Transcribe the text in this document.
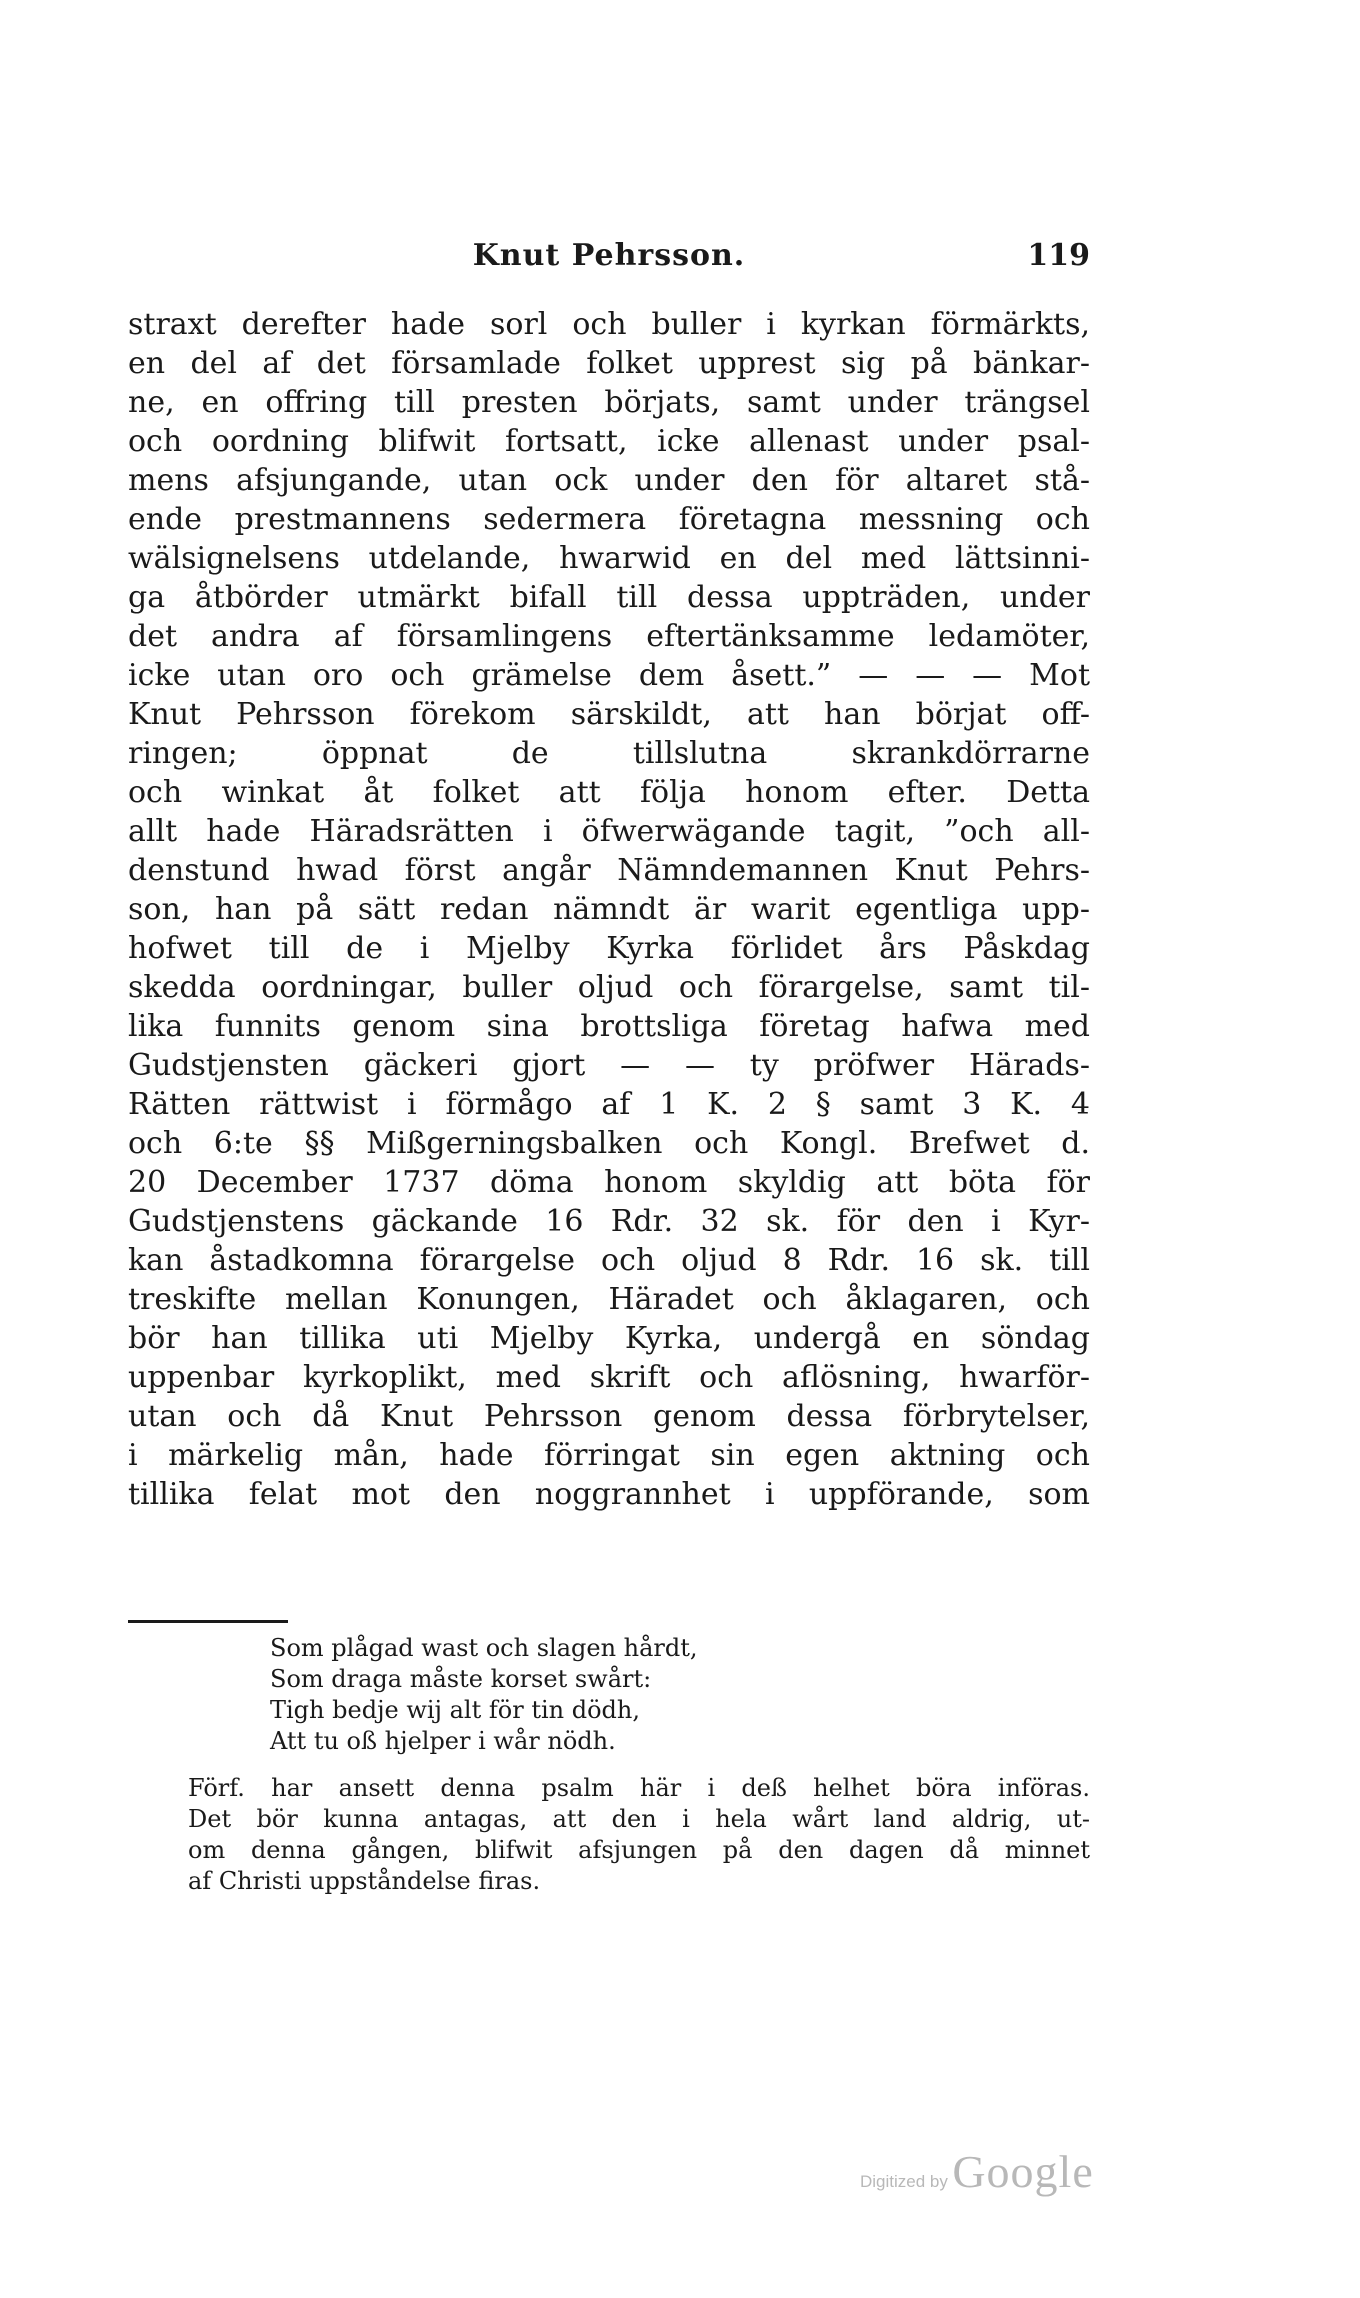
Knut Pehrsson.	119
straxt derefter hade sorl och buller i kyrkan förmärkts,
en del af det församlade folket upprest sig på bänkar-
ne, en offring till presten börjats, samt under trängsel
och oordning blifwit fortsatt, icke allenast under psal-
mens afsjungande, utan ock under den för altaret stå-
ende prestmannens sedermera företagna messning och
wälsignelsens utdelande, hwarwid en del med lättsinni-
ga åtbörder utmärkt bifall till dessa uppträden, under
det andra af församlingens eftertänksamme ledamöter,
icke utan oro och grämelse dem åsett.” — — — Mot
Knut Pehrsson förekom särskildt, att han börjat off-
ringen; öppnat de tillslutna skrankdörrarne
och winkat åt folket att följa honom efter. Detta
allt hade Häradsrätten i öfwerwägande tagit, ”och all-
denstund hwad först angår Nämndemannen Knut Pehrs-
son, han på sätt redan nämndt är warit egentliga upp-
hofwet till de i Mjelby Kyrka förlidet års Påskdag
skedda oordningar, buller oljud och förargelse, samt til-
lika funnits genom sina brottsliga företag hafwa med
Gudstjensten gäckeri gjort — — ty pröfwer Härads-
Rätten rättwist i förmågo af 1 K. 2 § samt 3 K. 4
och 6:te §§ Mißgerningsbalken och Kongl. Brefwet d.
20 December 1737 döma honom skyldig att böta för
Gudstjenstens gäckande 16 Rdr. 32 sk. för den i Kyr-
kan åstadkomna förargelse och oljud 8 Rdr. 16 sk. till
treskifte mellan Konungen, Häradet och åklagaren, och
bör han tillika uti Mjelby Kyrka, undergå en söndag
uppenbar kyrkoplikt, med skrift och aflösning, hwarför-
utan och då Knut Pehrsson genom dessa förbrytelser,
i märkelig mån, hade förringat sin egen aktning och
tillika felat mot den noggrannhet i uppförande, som
Som plågad wast och slagen hårdt,
Som draga måste korset swårt:
Tigh bedje wij alt för tin dödh,
Att tu oß hjelper i wår nödh.
Förf. har ansett denna psalm här i deß helhet böra införas.
Det bör kunna antagas, att den i hela wårt land aldrig, ut-
om denna gången, blifwit afsjungen på den dagen då minnet
af Christi uppståndelse firas.
Digitized by Google
